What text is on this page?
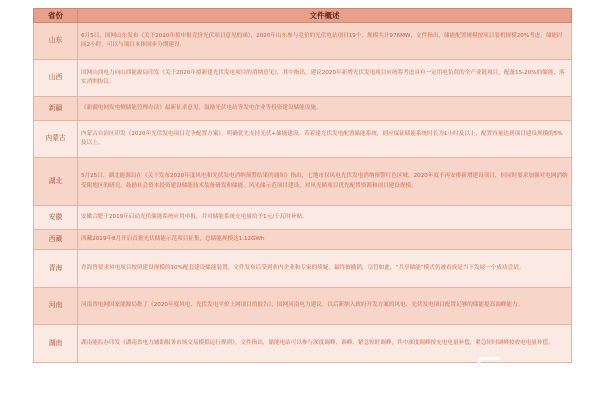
省份	文件概述
山东	6月5日，国网山东发布《关于2020年拟申报竞价光伏项目意见的函》，2020年山东参与竞价的光伏电站项目19个，规模共计976MW，文件指出，储能配置规模按项目装机规模20%考虑，储能时间2小时，可以与项目本体同步分期建设。
山西	国网山西电力向山西能源局印发《关于2020年拟新建光伏发电项目的消纳意见》，其中指出，建议2020年新增光伏发电项目应统筹考虑具有一定用电负荷的全产业链项目，配备15-20%的储能，落实消纳协议。
新疆	《新疆电网发电侧储能管理办法》最新征求意见，鼓励光伏电站等发电企业等投资建设储能设施。
内蒙古	内蒙古自治区印发《2020年光伏发电项目竞争配置方案》，明确优先支持光伏+储能建设。若着建光伏发电配置储能系统，则应保证储能系统时长为1小时及以上，配置容量达到项目建设规模的5%及以上。
湖北	5月25日，湖北能源局在《关于发布2020年度风电和光伏发电消纳预警结果的通知》指出，七地市仅风电光伏发电消纳预警红色区域，2020年度不再安排新增建设项目，但同时要求加强对电网消纳受限地区的研究，鼓励社会资本投资建设储能技术装备研发和储能、风光储示范项目建设，对风光储项目优先配置资源和项目建设规模。
安徽	安徽合肥于2019年启动光伏储能系统应用申报，并对储能系统充电量给予1元/千瓦时补贴。
西藏	西藏2019年8月开启首批光伏储能示范项目征集，总储能规模达1.12GWh
青海	青海曾要求风电项目按照建设规模的10%配套建设储能装置，文件发布后受到业内企业和专家的质疑，最终被撤销，尽管如此，“共享储能”模式仍被看成是当下发展一个成功尝试。
河南	河南省电网国家能源局批了《2020年度风电、光伏发电平价上网项目的报告》，国网河南电力建议，以后新纳入政府开发方案的风电、光伏发电项目配置足够的储能提高调峰能力。
湖南	湖南能监办印发《湖南省电力辅助服务市场交易模拟运行规则》，文件指出，储能电站可以参与深度调峰、调峰、紧急短时调峰，其中深度调峰按充电电量补偿，紧急短时调峰按放电电量补偿。
